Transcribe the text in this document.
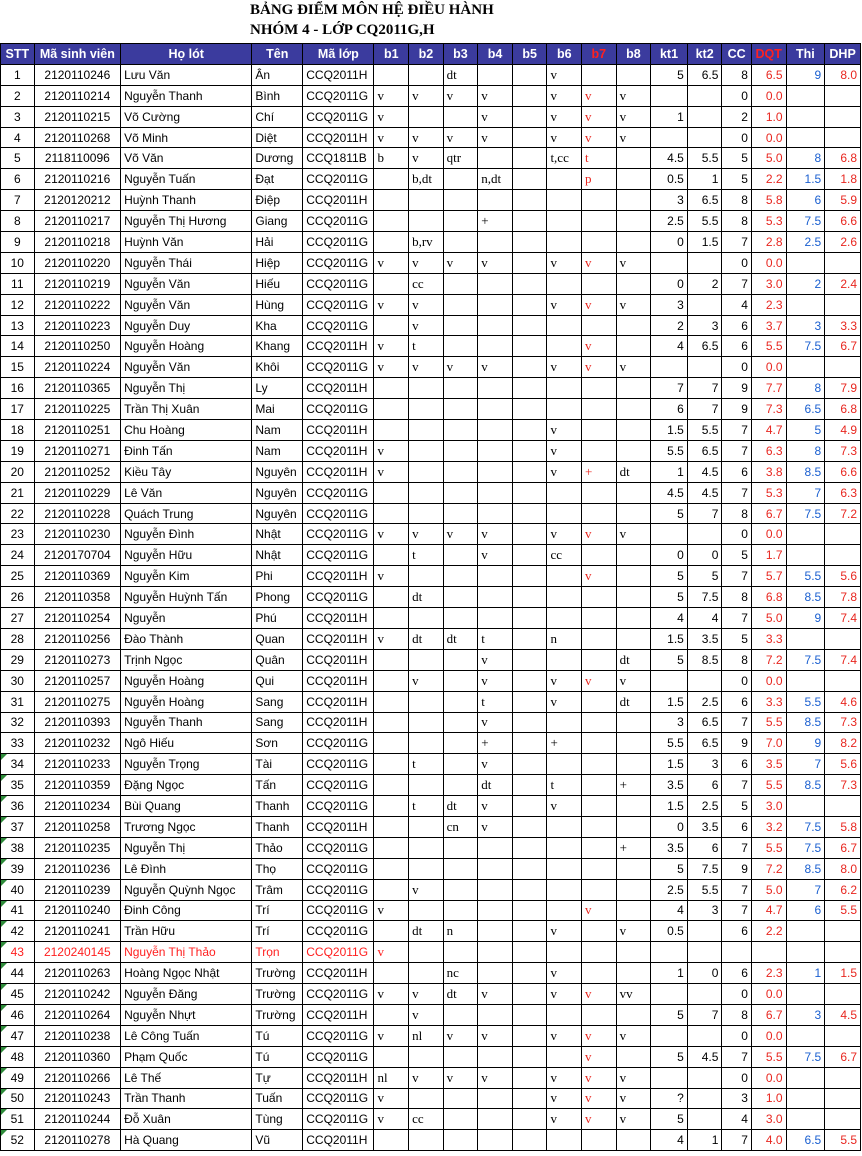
BẢNG ĐIỂM MÔN HỆ ĐIỀU HÀNH
NHÓM 4 - LỚP CQ2011G,H
STT	Mã sinh viên	Họ lót	Tên	Mã lớp	b1	b2	b3	b4	b5	b6	b7	b8	kt1	kt2	CC	DQT	Thi	DHP
1	2120110246	Lưu Văn	Ân	CCQ2011H			dt			v			5	6.5	8	6.5	9	8.0
2	2120110214	Nguyễn Thanh	Bình	CCQ2011G	v	v	v	v		v	v	v			0	0.0		
3	2120110215	Võ Cường	Chí	CCQ2011G	v			v		v	v	v	1		2	1.0		
4	2120110268	Võ Minh	Diệt	CCQ2011H	v	v	v	v		v	v	v			0	0.0		
5	2118110096	Võ Văn	Dương	CCQ1811B	b	v	qtr			t,cc	t		4.5	5.5	5	5.0	8	6.8
6	2120110216	Nguyễn Tuấn	Đạt	CCQ2011G		b,dt		n,dt			p		0.5	1	5	2.2	1.5	1.8
7	2120120212	Huỳnh Thanh	Điệp	CCQ2011H									3	6.5	8	5.8	6	5.9
8	2120110217	Nguyễn Thị Hương	Giang	CCQ2011G				+					2.5	5.5	8	5.3	7.5	6.6
9	2120110218	Huỳnh Văn	Hải	CCQ2011G		b,rv							0	1.5	7	2.8	2.5	2.6
10	2120110220	Nguyễn Thái	Hiệp	CCQ2011G	v	v	v	v		v	v	v			0	0.0		
11	2120110219	Nguyễn Văn	Hiếu	CCQ2011G		cc							0	2	7	3.0	2	2.4
12	2120110222	Nguyễn Văn	Hùng	CCQ2011G	v	v				v	v	v	3		4	2.3		
13	2120110223	Nguyễn Duy	Kha	CCQ2011G		v							2	3	6	3.7	3	3.3
14	2120110250	Nguyễn Hoàng	Khang	CCQ2011H	v	t					v		4	6.5	6	5.5	7.5	6.7
15	2120110224	Nguyễn Văn	Khôi	CCQ2011G	v	v	v	v		v	v	v			0	0.0		
16	2120110365	Nguyễn Thị	Ly	CCQ2011H									7	7	9	7.7	8	7.9
17	2120110225	Trần Thị Xuân	Mai	CCQ2011G									6	7	9	7.3	6.5	6.8
18	2120110251	Chu Hoàng	Nam	CCQ2011H						v			1.5	5.5	7	4.7	5	4.9
19	2120110271	Đinh Tấn	Nam	CCQ2011H	v					v			5.5	6.5	7	6.3	8	7.3
20	2120110252	Kiều Tây	Nguyên	CCQ2011H	v					v	+	dt	1	4.5	6	3.8	8.5	6.6
21	2120110229	Lê Văn	Nguyên	CCQ2011G									4.5	4.5	7	5.3	7	6.3
22	2120110228	Quách Trung	Nguyên	CCQ2011G									5	7	8	6.7	7.5	7.2
23	2120110230	Nguyễn Đình	Nhật	CCQ2011G	v	v	v	v		v	v	v			0	0.0		
24	2120170704	Nguyễn Hữu	Nhật	CCQ2011G		t		v		cc			0	0	5	1.7		
25	2120110369	Nguyễn Kim	Phi	CCQ2011H	v						v		5	5	7	5.7	5.5	5.6
26	2120110358	Nguyễn Huỳnh Tấn	Phong	CCQ2011G		dt							5	7.5	8	6.8	8.5	7.8
27	2120110254	Nguyễn	Phú	CCQ2011H									4	4	7	5.0	9	7.4
28	2120110256	Đào Thành	Quan	CCQ2011H	v	dt	dt	t		n			1.5	3.5	5	3.3		
29	2120110273	Trịnh Ngọc	Quân	CCQ2011H				v				dt	5	8.5	8	7.2	7.5	7.4
30	2120110257	Nguyễn Hoàng	Qui	CCQ2011H		v		v		v	v	v			0	0.0		
31	2120110275	Nguyễn Hoàng	Sang	CCQ2011H				t		v		dt	1.5	2.5	6	3.3	5.5	4.6
32	2120110393	Nguyễn Thanh	Sang	CCQ2011H				v					3	6.5	7	5.5	8.5	7.3
33	2120110232	Ngô Hiếu	Sơn	CCQ2011G				+		+			5.5	6.5	9	7.0	9	8.2
34	2120110233	Nguyễn Trọng	Tài	CCQ2011G		t		v					1.5	3	6	3.5	7	5.6
35	2120110359	Đặng Ngọc	Tấn	CCQ2011G				dt		t		+	3.5	6	7	5.5	8.5	7.3
36	2120110234	Bùi Quang	Thanh	CCQ2011G		t	dt	v		v			1.5	2.5	5	3.0		
37	2120110258	Trương Ngọc	Thanh	CCQ2011H			cn	v					0	3.5	6	3.2	7.5	5.8
38	2120110235	Nguyễn Thị	Thảo	CCQ2011G								+	3.5	6	7	5.5	7.5	6.7
39	2120110236	Lê Đình	Thọ	CCQ2011G									5	7.5	9	7.2	8.5	8.0
40	2120110239	Nguyễn Quỳnh Ngọc	Trâm	CCQ2011G		v							2.5	5.5	7	5.0	7	6.2
41	2120110240	Đinh Công	Trí	CCQ2011G	v						v		4	3	7	4.7	6	5.5
42	2120110241	Trần Hữu	Trí	CCQ2011G		dt	n			v		v	0.5		6	2.2		
43	2120240145	Nguyễn Thị Thảo	Trọn	CCQ2011G	v													
44	2120110263	Hoàng Ngọc Nhật	Trường	CCQ2011H			nc			v			1	0	6	2.3	1	1.5
45	2120110242	Nguyễn Đăng	Trường	CCQ2011G	v	v	dt	v		v	v	vv			0	0.0		
46	2120110264	Nguyễn Nhựt	Trường	CCQ2011H		v							5	7	8	6.7	3	4.5
47	2120110238	Lê Công Tuấn	Tú	CCQ2011G	v	nl	v	v		v	v	v			0	0.0		
48	2120110360	Phạm Quốc	Tú	CCQ2011G							v		5	4.5	7	5.5	7.5	6.7
49	2120110266	Lê Thế	Tự	CCQ2011H	nl	v	v	v		v	v	v			0	0.0		
50	2120110243	Trần Thanh	Tuấn	CCQ2011G	v					v	v	v	?		3	1.0		
51	2120110244	Đỗ Xuân	Tùng	CCQ2011G	v	cc				v	v	v	5		4	3.0		
52	2120110278	Hà Quang	Vũ	CCQ2011H									4	1	7	4.0	6.5	5.5
